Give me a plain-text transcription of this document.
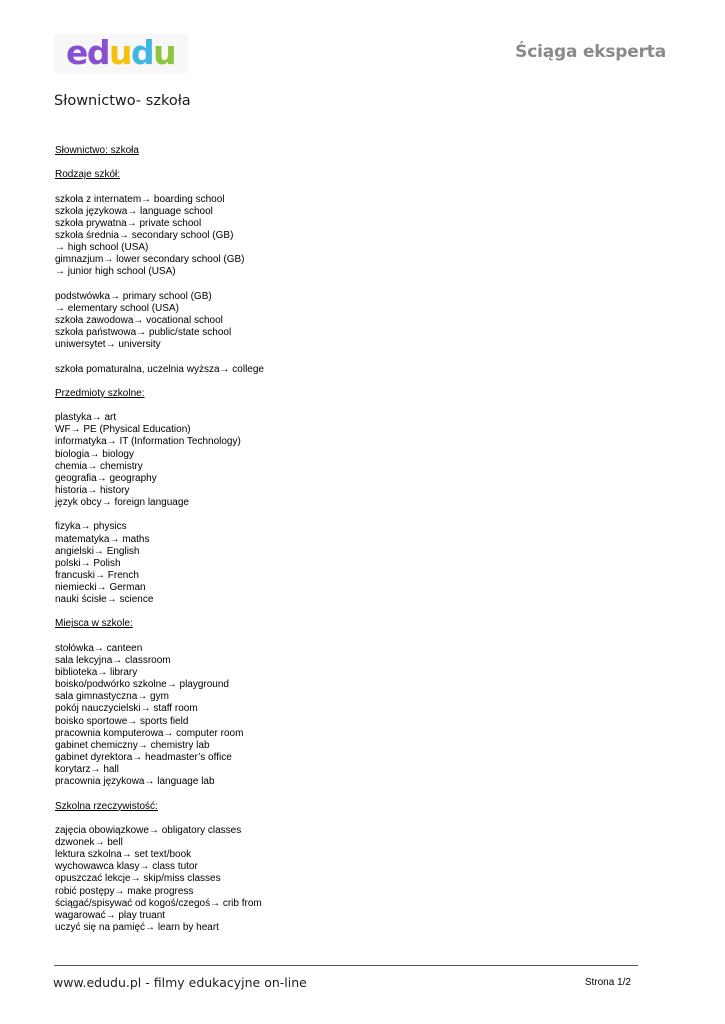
edudu	Ściąga eksperta
Słownictwo- szkoła
Słownictwo: szkoła
Rodzaje szkół:
szkoła z internatem→ boarding school
szkoła językowa→ language school
szkoła prywatna→ private school
szkoła średnia→ secondary school (GB)
→ high school (USA)
gimnazjum→ lower secondary school (GB)
→ junior high school (USA)
podstwówka→ primary school (GB)
→ elementary school (USA)
szkoła zawodowa→ vocational school
szkoła państwowa→ public/state school
uniwersytet→ university
szkoła pomaturalna, uczelnia wyższa→ college
Przedmioty szkolne:
plastyka→ art
WF→ PE (Physical Education)
informatyka→ IT (Information Technology)
biologia→ biology
chemia→ chemistry
geografia→ geography
historia→ history
język obcy→ foreign language
fizyka→ physics
matematyka→ maths
angielski→ English
polski→ Polish
francuski→ French
niemiecki→ German
nauki ścisłe→ science
Miejsca w szkole:
stołówka→ canteen
sala lekcyjna→ classroom
biblioteka→ library
boisko/podwórko szkolne→ playground
sala gimnastyczna→ gym
pokój nauczycielski→ staff room
boisko sportowe→ sports field
pracownia komputerowa→ computer room
gabinet chemiczny→ chemistry lab
gabinet dyrektora→ headmaster’s office
korytarz→ hall
pracownia językowa→ language lab
Szkolna rzeczywistość:
zajęcia obowiązkowe→ obligatory classes
dzwonek→ bell
lektura szkolna→ set text/book
wychowawca klasy→ class tutor
opuszczać lekcje→ skip/miss classes
robić postępy→ make progress
ściągać/spisywać od kogoś/czegoś→ crib from
wagarować→ play truant
uczyć się na pamięć→ learn by heart
www.edudu.pl - filmy edukacyjne on-line	Strona 1/2
